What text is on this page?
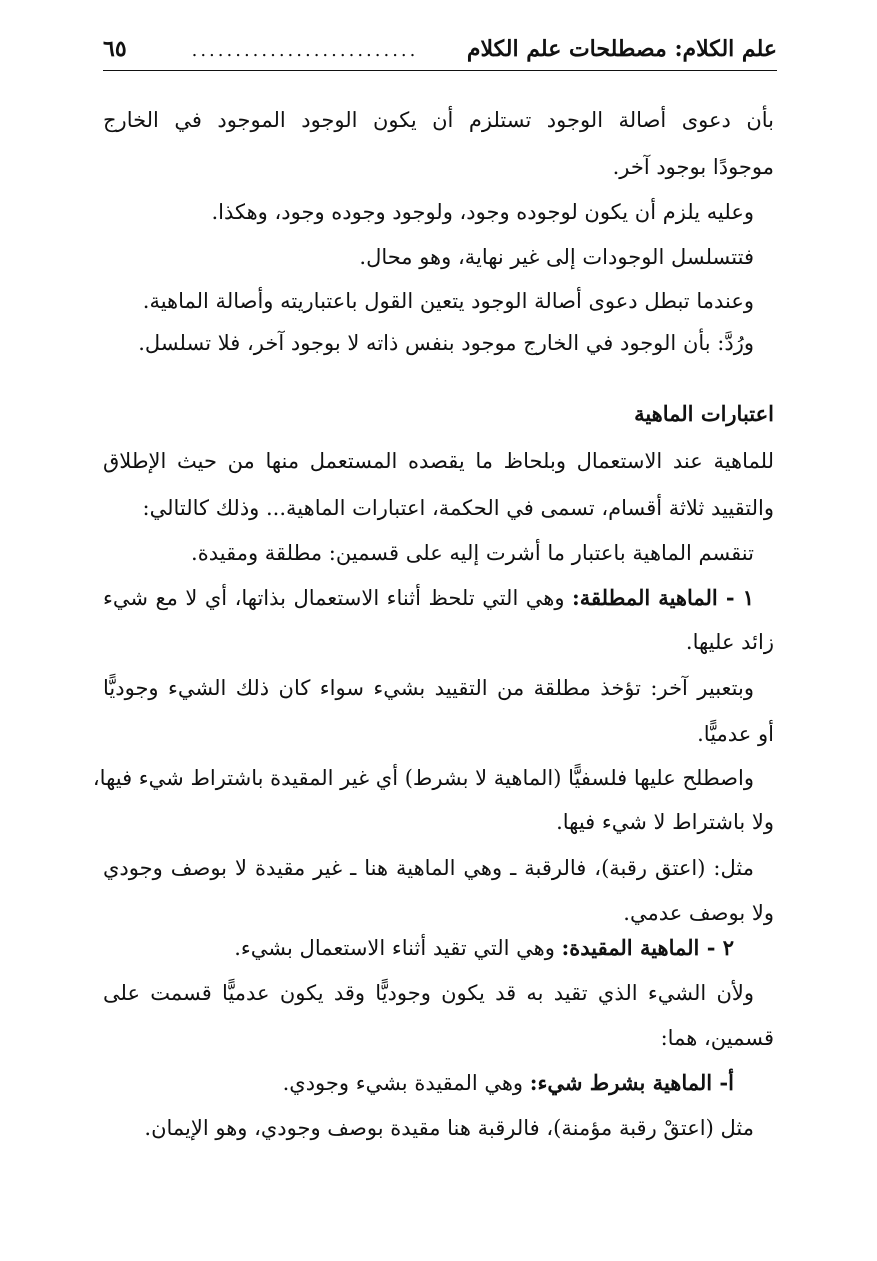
علم الكلام: مصطلحات علم الكلام
..........................
٦٥
بأن دعوى أصالة الوجود تستلزم أن يكون الوجود الموجود في الخارج
موجودًا بوجود آخر.
وعليه يلزم أن يكون لوجوده وجود، ولوجود وجوده وجود، وهكذا.
فتتسلسل الوجودات إلى غير نهاية، وهو محال.
وعندما تبطل دعوى أصالة الوجود يتعين القول باعتباريته وأصالة الماهية.
ورُدَّ: بأن الوجود في الخارج موجود بنفس ذاته لا بوجود آخر، فلا تسلسل.
اعتبارات الماهية
للماهية عند الاستعمال وبلحاظ ما يقصده المستعمل منها من حيث الإطلاق
والتقييد ثلاثة أقسام، تسمى في الحكمة، اعتبارات الماهية... وذلك كالتالي:
تنقسم الماهية باعتبار ما أشرت إليه على قسمين: مطلقة ومقيدة.
١ - الماهية المطلقة: وهي التي تلحظ أثناء الاستعمال بذاتها، أي لا مع شيء
زائد عليها.
وبتعبير آخر: تؤخذ مطلقة من التقييد بشيء سواء كان ذلك الشيء وجوديًّا
أو عدميًّا.
واصطلح عليها فلسفيًّا (الماهية لا بشرط) أي غير المقيدة باشتراط شيء فيها،
ولا باشتراط لا شيء فيها.
مثل: (اعتق رقبة)، فالرقبة ـ وهي الماهية هنا ـ غير مقيدة لا بوصف وجودي
ولا بوصف عدمي.
٢ - الماهية المقيدة: وهي التي تقيد أثناء الاستعمال بشيء.
ولأن الشيء الذي تقيد به قد يكون وجوديًّا وقد يكون عدميًّا قسمت على
قسمين، هما:
أ- الماهية بشرط شيء: وهي المقيدة بشيء وجودي.
مثل (اعتقْ رقبة مؤمنة)، فالرقبة هنا مقيدة بوصف وجودي، وهو الإيمان.
